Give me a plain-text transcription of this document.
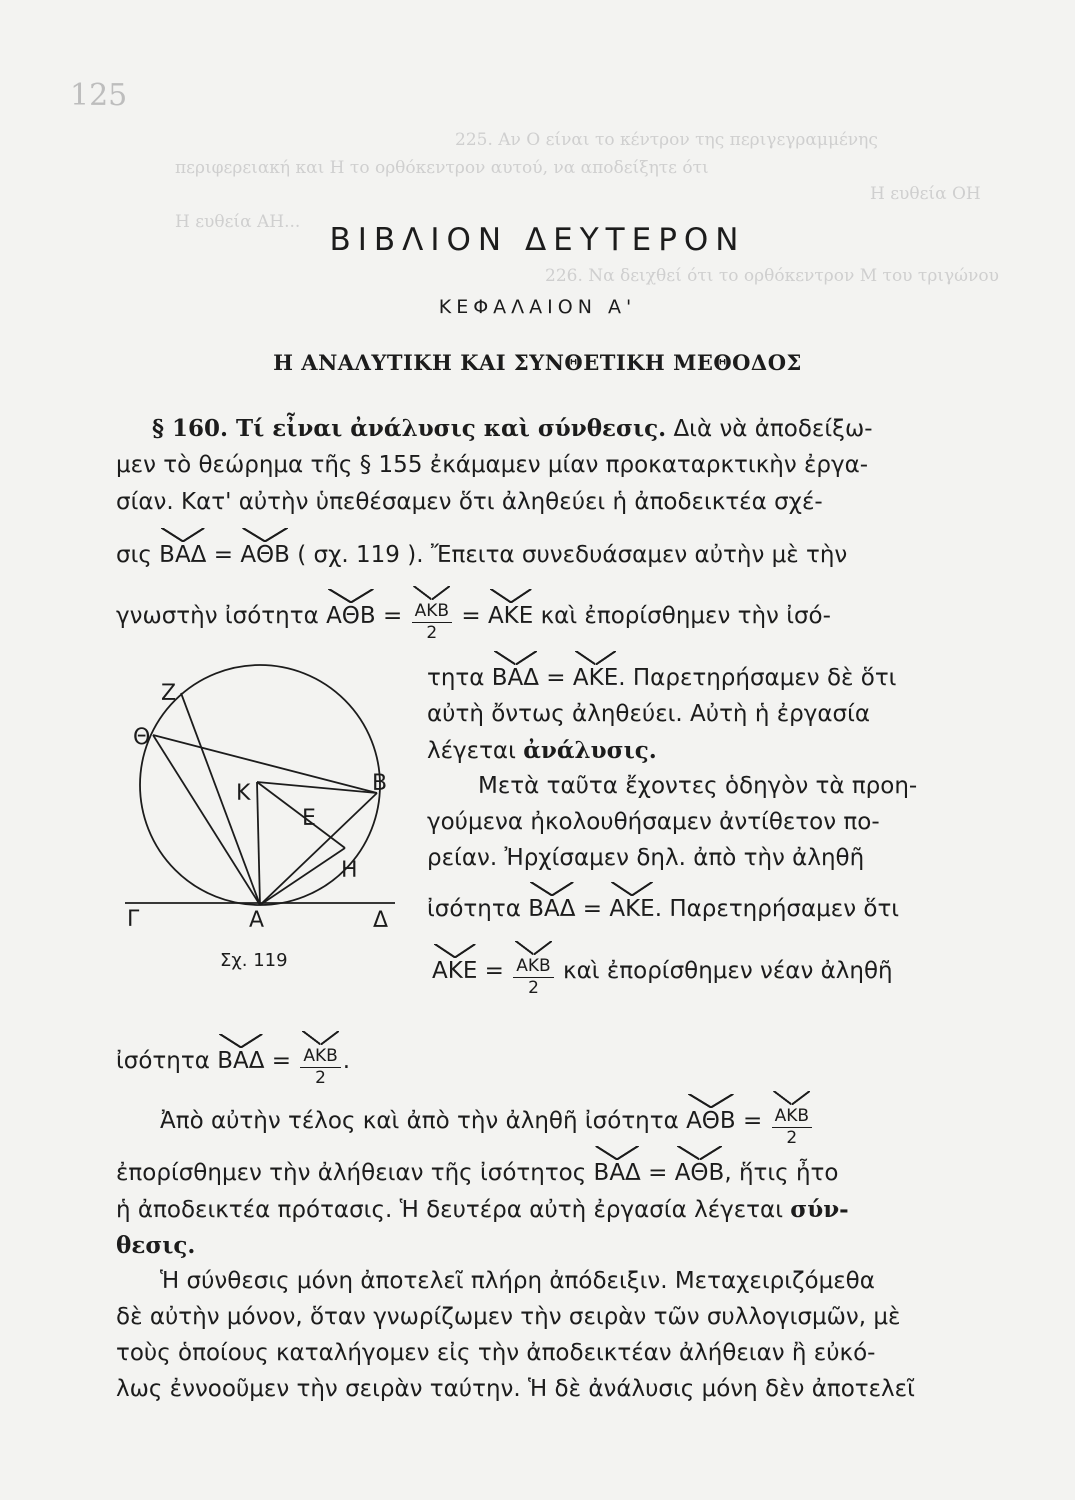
125
225. Αν Ο είναι το κέντρον της περιγεγραμμένης
περιφερειακή και Η το ορθόκεντρον αυτού, να αποδείξητε ότι
Η ευθεία ΟΗ
Η ευθεία ΑΗ...
226. Να δειχθεί ότι το ορθόκεντρον Μ του τριγώνου
ΒΙΒΛΙΟΝ ΔΕΥΤΕΡΟΝ
ΚΕΦΑΛΑΙΟΝ Α'
Η ΑΝΑΛΥΤΙΚΗ ΚΑΙ ΣΥΝΘΕΤΙΚΗ ΜΕΘΟΔΟΣ
§ 160. Τί εἶναι ἀνάλυσις καὶ σύνθεσις. Διὰ νὰ ἀποδείξω-
μεν τὸ θεώρημα τῆς § 155 ἐκάμαμεν μίαν προκαταρκτικὴν ἐργα-
σίαν. Κατ' αὐτὴν ὑπεθέσαμεν ὅτι ἀληθεύει ἡ ἀποδεικτέα σχέ-
σις ΒΑΔ = ΑΘΒ ( σχ. 119 ). Ἔπειτα συνεδυάσαμεν αὐτὴν μὲ τὴν
γνωστὴν ἰσότητα $A\Theta B = \frac{\text{ΑΚΒ}}{2} = AKE$ καὶ ἐπορίσθημεν τὴν ἰσό-
τητα ΒΑΔ = ΑΚΕ. Παρετηρήσαμεν δὲ ὅτι
αὐτὴ ὄντως ἀληθεύει. Αὐτὴ ἡ ἐργασία
λέγεται ἀνάλυσις.
Μετὰ ταῦτα ἔχοντες ὁδηγὸν τὰ προη-
γούμενα ἠκολουθήσαμεν ἀντίθετον πο-
ρείαν. Ἠρχίσαμεν δηλ. ἀπὸ τὴν ἀληθῆ
ἰσότητα ΒΑΔ = ΑΚΕ. Παρετηρήσαμεν ὅτι
$AKE = \frac{\text{ΑΚΒ}}{2}$ καὶ ἐπορίσθημεν νέαν ἀληθῆ
ἰσότητα $BA\Delta = \frac{\text{ΑΚΒ}}{2}$ .
Ἀπὸ αὐτὴν τέλος καὶ ἀπὸ τὴν ἀληθῆ ἰσότητα $A\Theta B = \frac{\text{ΑΚΒ}}{2}$
ἐπορίσθημεν τὴν ἀλήθειαν τῆς ἰσότητος ΒΑΔ = ΑΘΒ, ἥτις ἦτο
ἡ ἀποδεικτέα πρότασις. Ἡ δευτέρα αὐτὴ ἐργασία λέγεται σύν-
θεσις.
Ἡ σύνθεσις μόνη ἀποτελεῖ πλήρη ἀπόδειξιν. Μεταχειριζόμεθα
δὲ αὐτὴν μόνον, ὅταν γνωρίζωμεν τὴν σειρὰν τῶν συλλογισμῶν, μὲ
τοὺς ὁποίους καταλήγομεν εἰς τὴν ἀποδεικτέαν ἀλήθειαν ἢ εὐκό-
λως ἐννοοῦμεν τὴν σειρὰν ταύτην. Ἡ δὲ ἀνάλυσις μόνη δὲν ἀποτελεῖ
Ζ
Θ
Κ	Β
Ε
Η
Γ	Α	Δ
Σχ. 119
